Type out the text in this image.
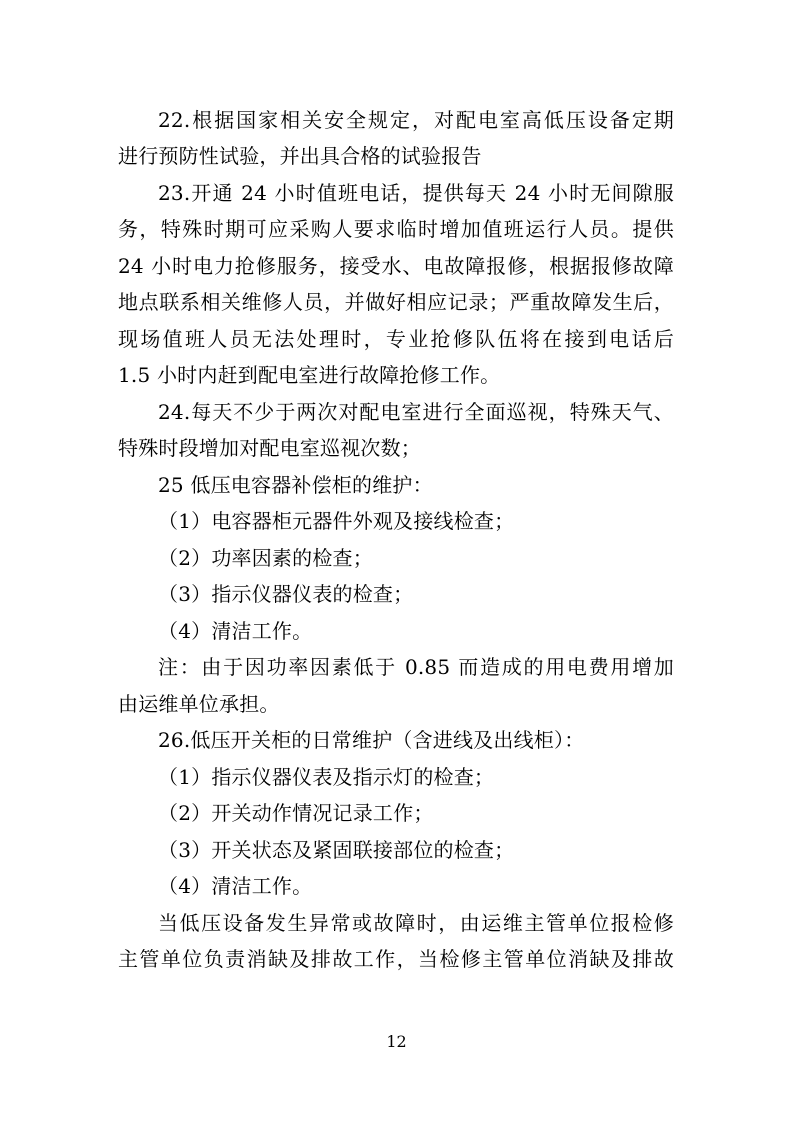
22.根据国家相关安全规定，对配电室高低压设备定期
进行预防性试验，并出具合格的试验报告
23.开通 24 小时值班电话，提供每天 24 小时无间隙服
务，特殊时期可应采购人要求临时增加值班运行人员。提供
24 小时电力抢修服务，接受水、电故障报修，根据报修故障
地点联系相关维修人员，并做好相应记录；严重故障发生后，
现场值班人员无法处理时，专业抢修队伍将在接到电话后
1.5 小时内赶到配电室进行故障抢修工作。
24.每天不少于两次对配电室进行全面巡视，特殊天气、
特殊时段增加对配电室巡视次数；
25 低压电容器补偿柜的维护：
（1）电容器柜元器件外观及接线检查；
（2）功率因素的检查；
（3）指示仪器仪表的检查；
（4）清洁工作。
注：由于因功率因素低于 0.85 而造成的用电费用增加
由运维单位承担。
26.低压开关柜的日常维护（含进线及出线柜）：
（1）指示仪器仪表及指示灯的检查；
（2）开关动作情况记录工作；
（3）开关状态及紧固联接部位的检查；
（4）清洁工作。
当低压设备发生异常或故障时，由运维主管单位报检修
主管单位负责消缺及排故工作，当检修主管单位消缺及排故
12
